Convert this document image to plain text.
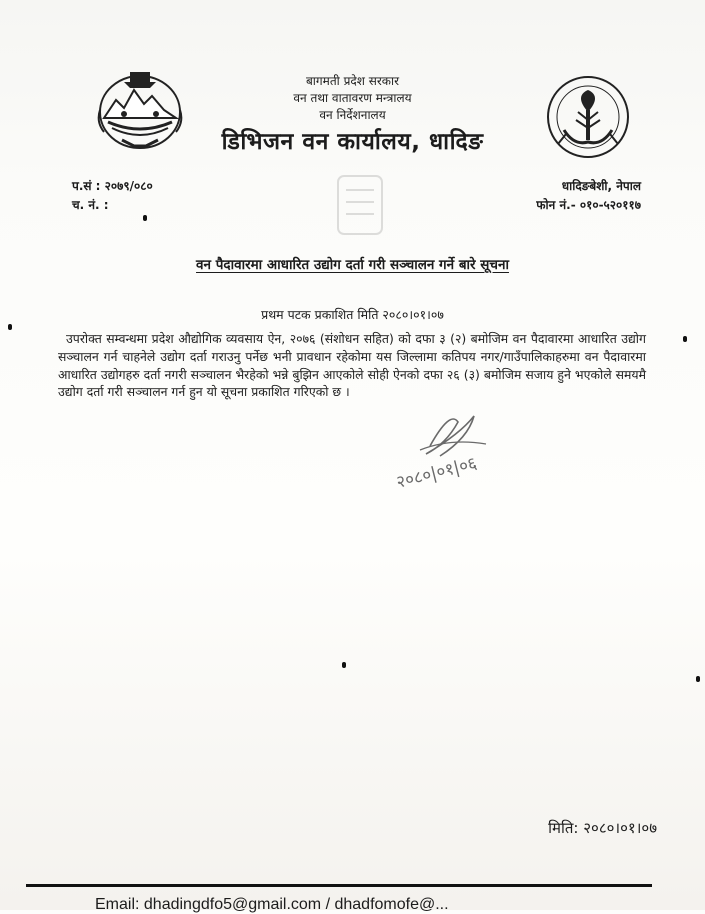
बागमती प्रदेश सरकार
वन तथा वातावरण मन्त्रालय
वन निर्देशनालय
डिभिजन वन कार्यालय, धादिङ
प.सं : २०७९/०८०
च. नं. :
धादिङबेशी, नेपाल
फोन नं.- ०१०-५२०११७
वन पैदावारमा आधारित उद्योग दर्ता गरी सञ्चालन गर्ने बारे सूचना
प्रथम पटक प्रकाशित मिति २०८०।०१।०७
उपरोक्त सम्वन्धमा प्रदेश औद्योगिक व्यवसाय ऐन, २०७६ (संशोधन सहित) को दफा ३ (२) बमोजिम वन पैदावारमा आधारित उद्योग सञ्चालन गर्न चाहनेले उद्योग दर्ता गराउनु पर्नेछ भनी प्रावधान रहेकोमा यस जिल्लामा कतिपय नगर/गाउँपालिकाहरुमा वन पैदावारमा आधारित उद्योगहरु दर्ता नगरी सञ्चालन भैरहेको भन्ने बुझिन आएकोले सोही ऐनको दफा २६ (३) बमोजिम सजाय हुने भएकोले समयमै उद्योग दर्ता गरी सञ्चालन गर्न हुन यो सूचना प्रकाशित गरिएको छ ।
२०८०|०१|०६
मिति: २०८०।०१।०७
Email: dhadingdfo5@gmail.com / dhadfomofe@...
